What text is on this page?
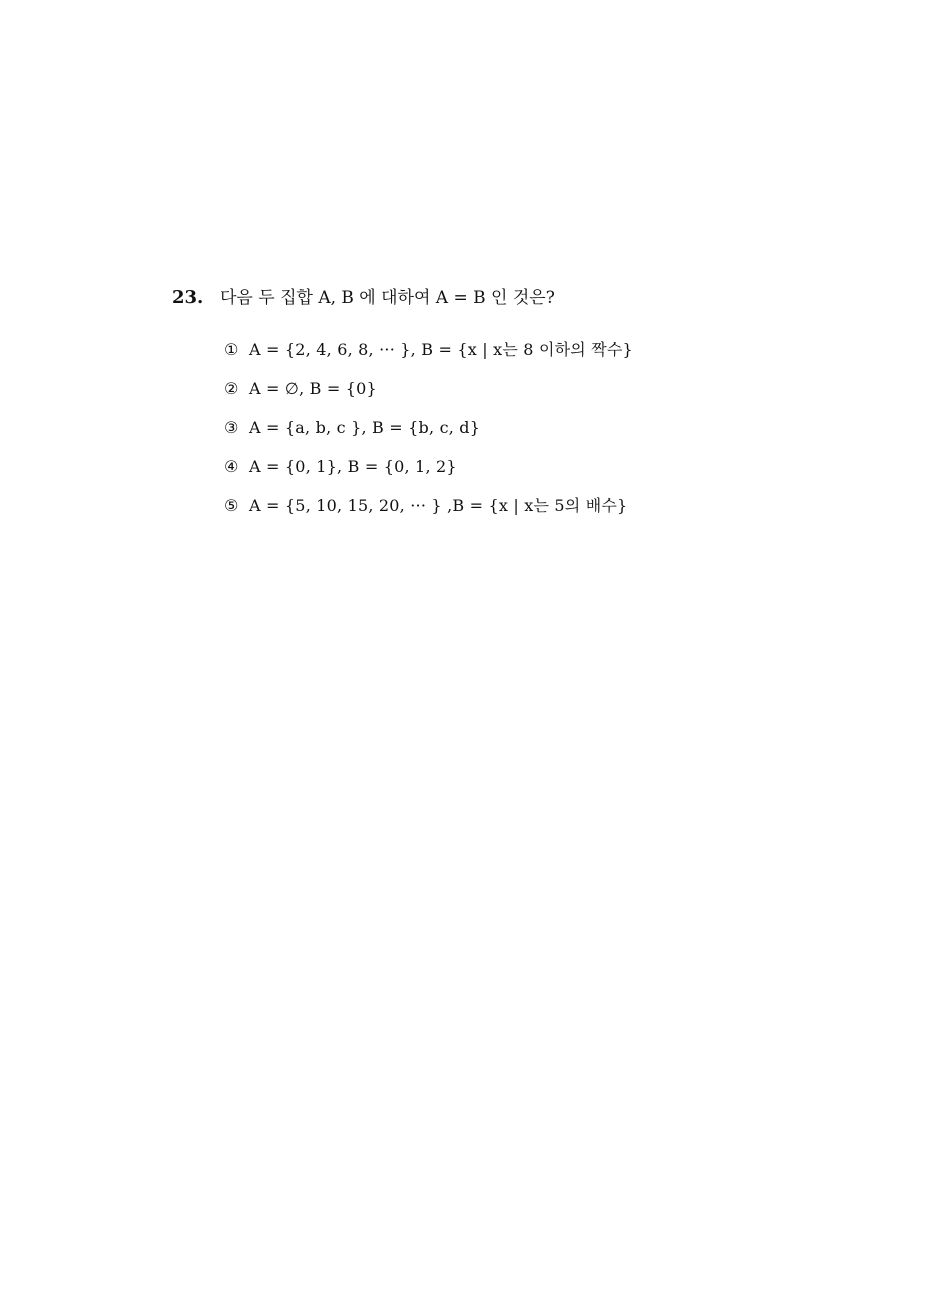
23. 다음 두 집합 A, B 에 대하여 A = B 인 것은?
① A = {2, 4, 6, 8, ··· }, B = {x | x는 8 이하의 짝수}
② A = ∅, B = {0}
③ A = {a, b, c }, B = {b, c, d}
④ A = {0, 1}, B = {0, 1, 2}
⑤ A = {5, 10, 15, 20, ··· } ,B = {x | x는 5의 배수}
